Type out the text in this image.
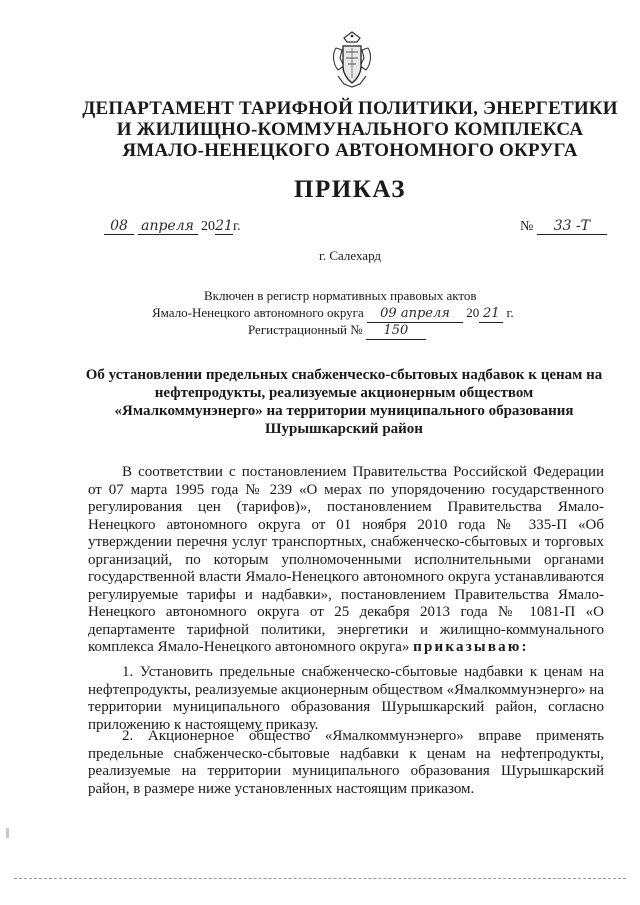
ДЕПАРТАМЕНТ ТАРИФНОЙ ПОЛИТИКИ, ЭНЕРГЕТИКИ
И ЖИЛИЩНО-КОММУНАЛЬНОГО КОМПЛЕКСА
ЯМАЛО-НЕНЕЦКОГО АВТОНОМНОГО ОКРУГА
ПРИКАЗ
08 апреля 2021г.	№ 33 -Т
г. Салехард
Включен в регистр нормативных правовых актов
Ямало-Ненецкого автономного округа 09 апреля 20 21 г.
Регистрационный № 150
Об установлении предельных снабженческо-сбытовых надбавок к ценам на
нефтепродукты, реализуемые акционерным обществом
«Ямалкоммунэнерго» на территории муниципального образования
Шурышкарский район

В соответствии с постановлением Правительства Российской Федерации от 07 марта 1995 года № 239 «О мерах по упорядочению государственного регулирования цен (тарифов)», постановлением Правительства Ямало-Ненецкого автономного округа от 01 ноября 2010 года № 335-П «Об утверждении перечня услуг транспортных, снабженческо-сбытовых и торговых организаций, по которым уполномоченными исполнительными органами государственной власти Ямало-Ненецкого автономного округа устанавливаются регулируемые тарифы и надбавки», постановлением Правительства Ямало-Ненецкого автономного округа от 25 декабря 2013 года № 1081-П «О департаменте тарифной политики, энергетики и жилищно-коммунального комплекса Ямало-Ненецкого автономного округа» приказываю:

1. Установить предельные снабженческо-сбытовые надбавки к ценам на нефтепродукты, реализуемые акционерным обществом «Ямалкоммунэнерго» на территории муниципального образования Шурышкарский район, согласно приложению к настоящему приказу.

2. Акционерное общество «Ямалкоммунэнерго» вправе применять предельные снабженческо-сбытовые надбавки к ценам на нефтепродукты, реализуемые на территории муниципального образования Шурышкарский район, в размере ниже установленных настоящим приказом.
